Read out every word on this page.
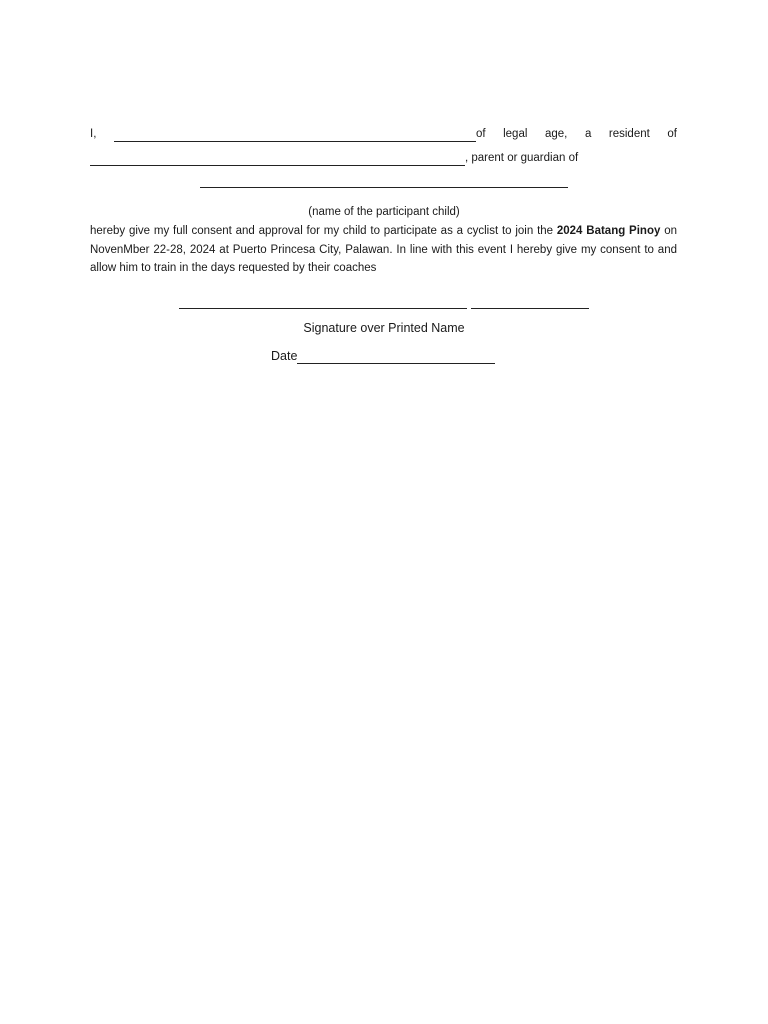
I,	of legal age, a resident of
, parent or guardian of
(name of the participant child)
hereby give my full consent and approval for my child to participate as a cyclist to join the 2024 Batang Pinoy on NovenMber 22-28, 2024 at Puerto Princesa City, Palawan. In line with this event I hereby give my consent to and allow him to train in the days requested by their coaches
Signature over Printed Name
Date
